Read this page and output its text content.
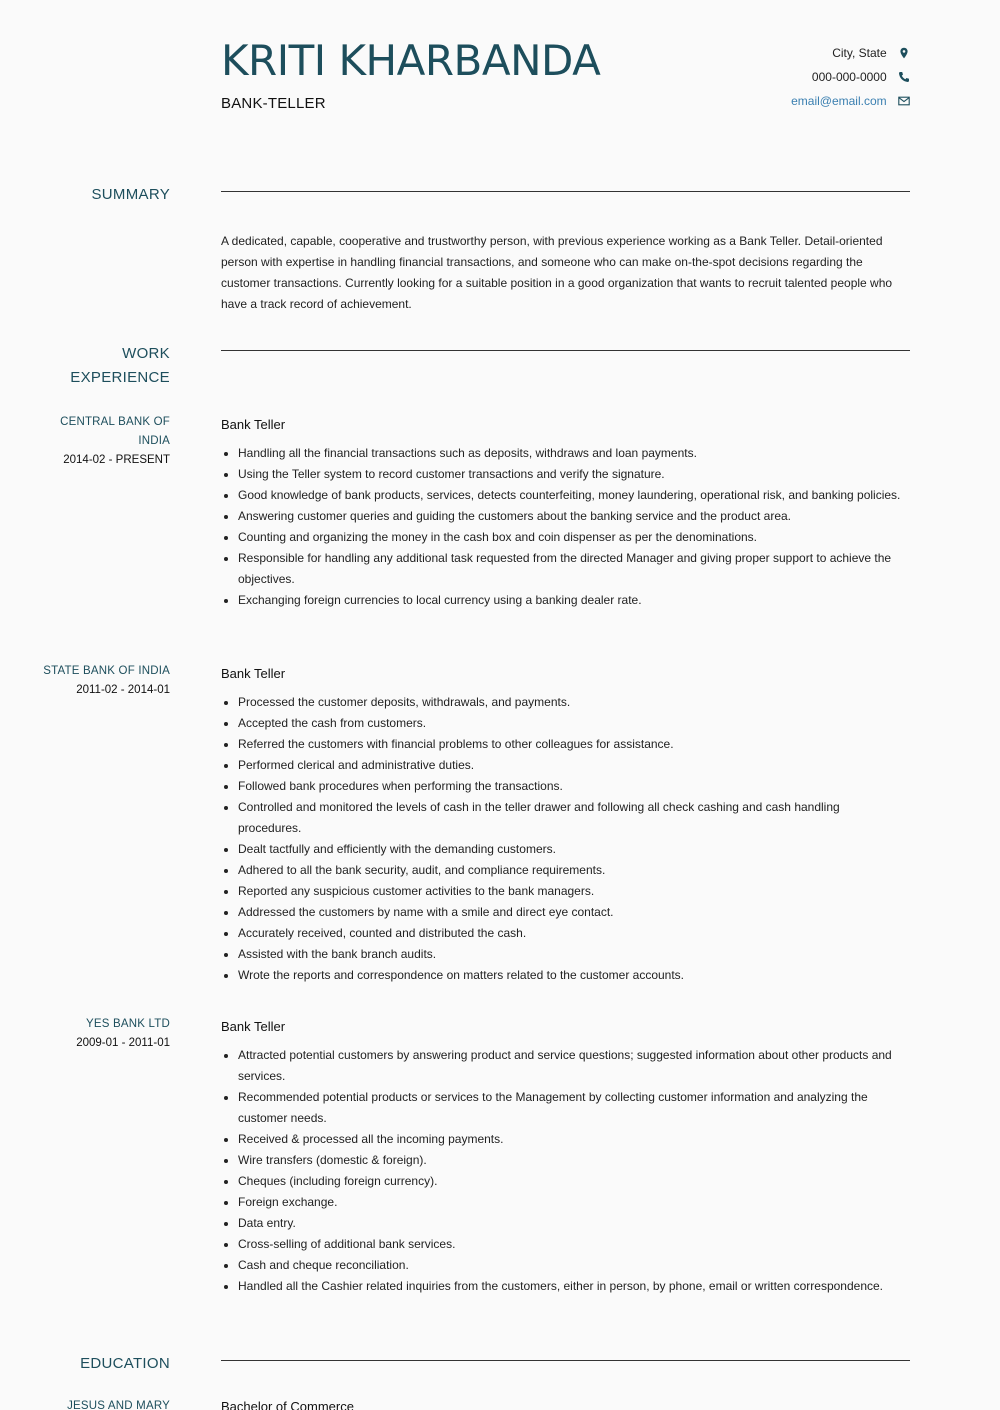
KRITI KHARBANDA
BANK-TELLER
City, State
000-000-0000
email@email.com
SUMMARY

A dedicated, capable, cooperative and trustworthy person, with previous experience working as a Bank Teller. Detail-oriented person with expertise in handling financial transactions, and someone who can make on-the-spot decisions regarding the customer transactions. Currently looking for a suitable position in a good organization that wants to recruit talented people who have a track record of achievement.

WORK
EXPERIENCE
CENTRAL BANK OF
INDIA
2014-02 - PRESENT
Bank Teller
• Handling all the financial transactions such as deposits, withdraws and loan payments.
• Using the Teller system to record customer transactions and verify the signature.
• Good knowledge of bank products, services, detects counterfeiting, money laundering, operational risk, and banking policies.
• Answering customer queries and guiding the customers about the banking service and the product area.
• Counting and organizing the money in the cash box and coin dispenser as per the denominations.
• Responsible for handling any additional task requested from the directed Manager and giving proper support to achieve the objectives.
• Exchanging foreign currencies to local currency using a banking dealer rate.
STATE BANK OF INDIA
2011-02 - 2014-01
Bank Teller
• Processed the customer deposits, withdrawals, and payments.
• Accepted the cash from customers.
• Referred the customers with financial problems to other colleagues for assistance.
• Performed clerical and administrative duties.
• Followed bank procedures when performing the transactions.
• Controlled and monitored the levels of cash in the teller drawer and following all check cashing and cash handling procedures.
• Dealt tactfully and efficiently with the demanding customers.
• Adhered to all the bank security, audit, and compliance requirements.
• Reported any suspicious customer activities to the bank managers.
• Addressed the customers by name with a smile and direct eye contact.
• Accurately received, counted and distributed the cash.
• Assisted with the bank branch audits.
• Wrote the reports and correspondence on matters related to the customer accounts.
YES BANK LTD
2009-01 - 2011-01
Bank Teller
• Attracted potential customers by answering product and service questions; suggested information about other products and services.
• Recommended potential products or services to the Management by collecting customer information and analyzing the customer needs.
• Received & processed all the incoming payments.
• Wire transfers (domestic & foreign).
• Cheques (including foreign currency).
• Foreign exchange.
• Data entry.
• Cross-selling of additional bank services.
• Cash and cheque reconciliation.
• Handled all the Cashier related inquiries from the customers, either in person, by phone, email or written correspondence.
EDUCATION
JESUS AND MARY	Bachelor of Commerce
